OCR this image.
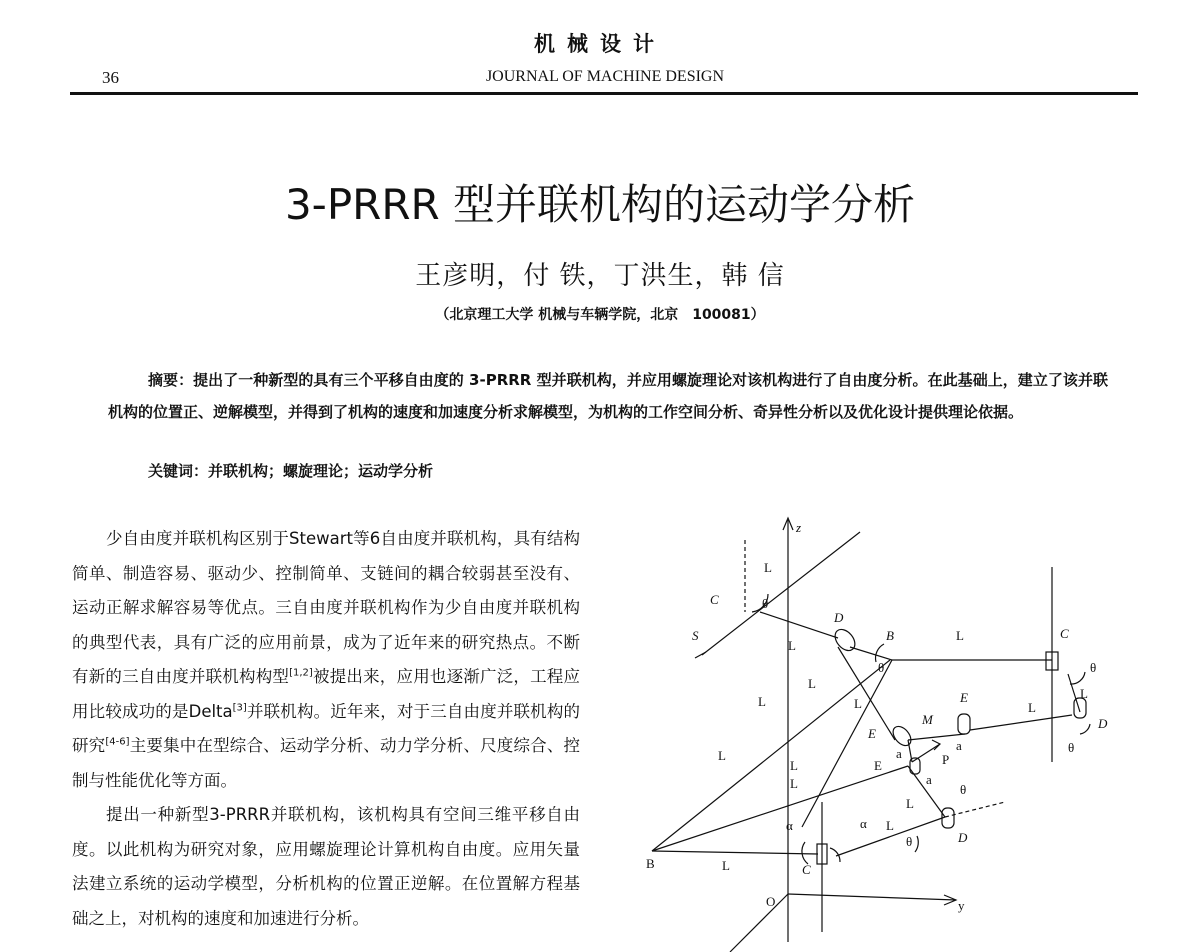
机械设计
36	JOURNAL OF MACHINE DESIGN
3-PRRR 型并联机构的运动学分析
王彦明，付 铁，丁洪生，韩 信
（北京理工大学 机械与车辆学院，北京　100081）
摘要：提出了一种新型的具有三个平移自由度的 3-PRRR 型并联机构，并应用螺旋理论对该机构进行了自由度分析。在此基础上，建立了该并联机构的位置正、逆解模型，并得到了机构的速度和加速度分析求解模型，为机构的工作空间分析、奇异性分析以及优化设计提供理论依据。
关键词：并联机构；螺旋理论；运动学分析

少自由度并联机构区别于Stewart等6自由度并联机构，具有结构简单、制造容易、驱动少、控制简单、支链间的耦合较弱甚至没有、运动正解求解容易等优点。三自由度并联机构作为少自由度并联机构的典型代表，具有广泛的应用前景，成为了近年来的研究热点。不断有新的三自由度并联机构构型[1,2]被提出来，应用也逐渐广泛，工程应用比较成功的是Delta[3]并联机构。近年来，对于三自由度并联机构的研究[4-6]主要集中在型综合、运动学分析、动力学分析、尺度综合、控制与性能优化等方面。

提出一种新型3-PRRR并联机构，该机构具有空间三维平移自由度。以此机构为研究对象，应用螺旋理论计算机构自由度。应用矢量法建立系统的运动学模型，分析机构的位置正逆解。在位置解方程基础之上，对机构的速度和加速进行分析。

z
y
O
S
C
D
B	C
L
L
θ
L
θ	θ
L
D
θ
L
L	L	E
L
M
E
a
a	P
E
a
θ
L
L
L
L
L
α	α
θ	D
B	L	C
